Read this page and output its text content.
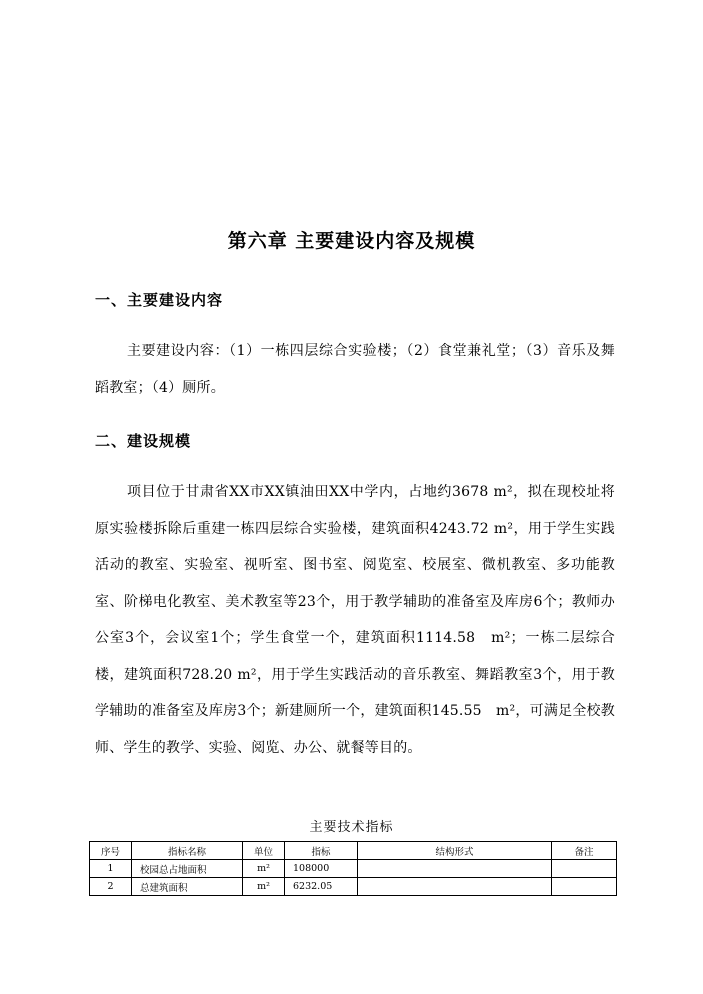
第六章 主要建设内容及规模
一、主要建设内容
主要建设内容：（1）一栋四层综合实验楼；（2）食堂兼礼堂；（3）音乐及舞蹈教室；（4）厕所。
二、建设规模
项目位于甘肃省XX市XX镇油田XX中学内，占地约3678 m²，拟在现校址将原实验楼拆除后重建一栋四层综合实验楼，建筑面积4243.72 m²，用于学生实践活动的教室、实验室、视听室、图书室、阅览室、校展室、微机教室、多功能教室、阶梯电化教室、美术教室等23个，用于教学辅助的准备室及库房6个；教师办公室3个，会议室1个；学生食堂一个，建筑面积1114.58　m²；一栋二层综合楼，建筑面积728.20 m²，用于学生实践活动的音乐教室、舞蹈教室3个，用于教学辅助的准备室及库房3个；新建厕所一个，建筑面积145.55　m²，可满足全校教师、学生的教学、实验、阅览、办公、就餐等目的。
主要技术指标
序号	指标名称	单位	指标	结构形式	备注
1	校园总占地面积	m²	108000		
2	总建筑面积	m²	6232.05		
